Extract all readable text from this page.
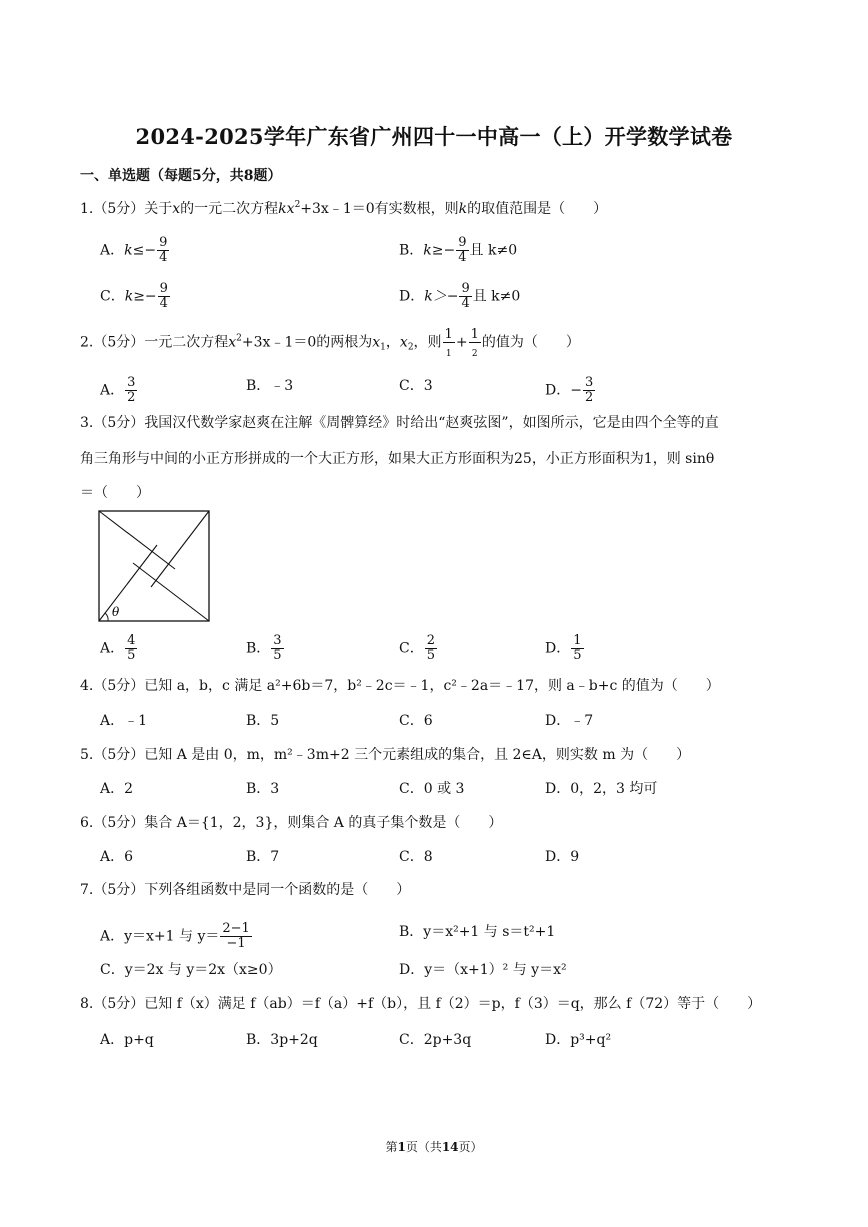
2024-2025学年广东省广州四十一中高一（上）开学数学试卷
一、单选题（每题5分，共8题）
1.（5分）关于x的一元二次方程$kx^2+3x﹣1=0$有实数根，则k的取值范围是（　　）
A．$k\le- \frac{9}{4}$	B．$k\ge- \frac{9}{4}$ 且 k≠0
C．$k\ge- \frac{9}{4}$	D．$k>- \frac{9}{4}$ 且 k≠0
2.（5分）一元二次方程$x^2+3x﹣1=0$的两根为$x_1$，$x_2$，则 $\frac{1}{_1} + \frac{1}{_2}$ 的值为（　　）
A． $\frac{3}{2}$	B．﹣3	C．3	D．− $\frac{3}{2}$
3.（5分）我国汉代数学家赵爽在注解《周髀算经》时给出“赵爽弦图”，如图所示，它是由四个全等的直
角三角形与中间的小正方形拼成的一个大正方形，如果大正方形面积为25，小正方形面积为1，则 sinθ
＝（　　）
θ
A． $\frac{4}{5}$	B． $\frac{3}{5}$	C． $\frac{2}{5}$	D． $\frac{1}{5}$
4.（5分）已知 a，b，c 满足 a²+6b＝7，b²﹣2c＝﹣1，c²﹣2a＝﹣17，则 a﹣b+c 的值为（　　）
A．﹣1	B．5	C．6	D．﹣7
5.（5分）已知 A 是由 0，m，m²﹣3m+2 三个元素组成的集合，且 2∈A，则实数 m 为（　　）
A．2	B．3	C．0 或 3	D．0，2，3 均可
6.（5分）集合 A＝{1，2，3}，则集合 A 的真子集个数是（　　）
A．6	B．7	C．8	D．9
7.（5分）下列各组函数中是同一个函数的是（　　）
A．y＝x+1 与 $y= \frac{2-1}{-1}$	B．y＝x²+1 与 s＝t²+1
C．y＝2x 与 y＝2x（x≥0）	D．y＝（x+1）² 与 y＝x²
8.（5分）已知 f（x）满足 f（ab）＝f（a）+f（b），且 f（2）＝p，f（3）＝q，那么 f（72）等于（　　）
A．p+q	B．3p+2q	C．2p+3q	D．p³+q²
第1页（共14页）
